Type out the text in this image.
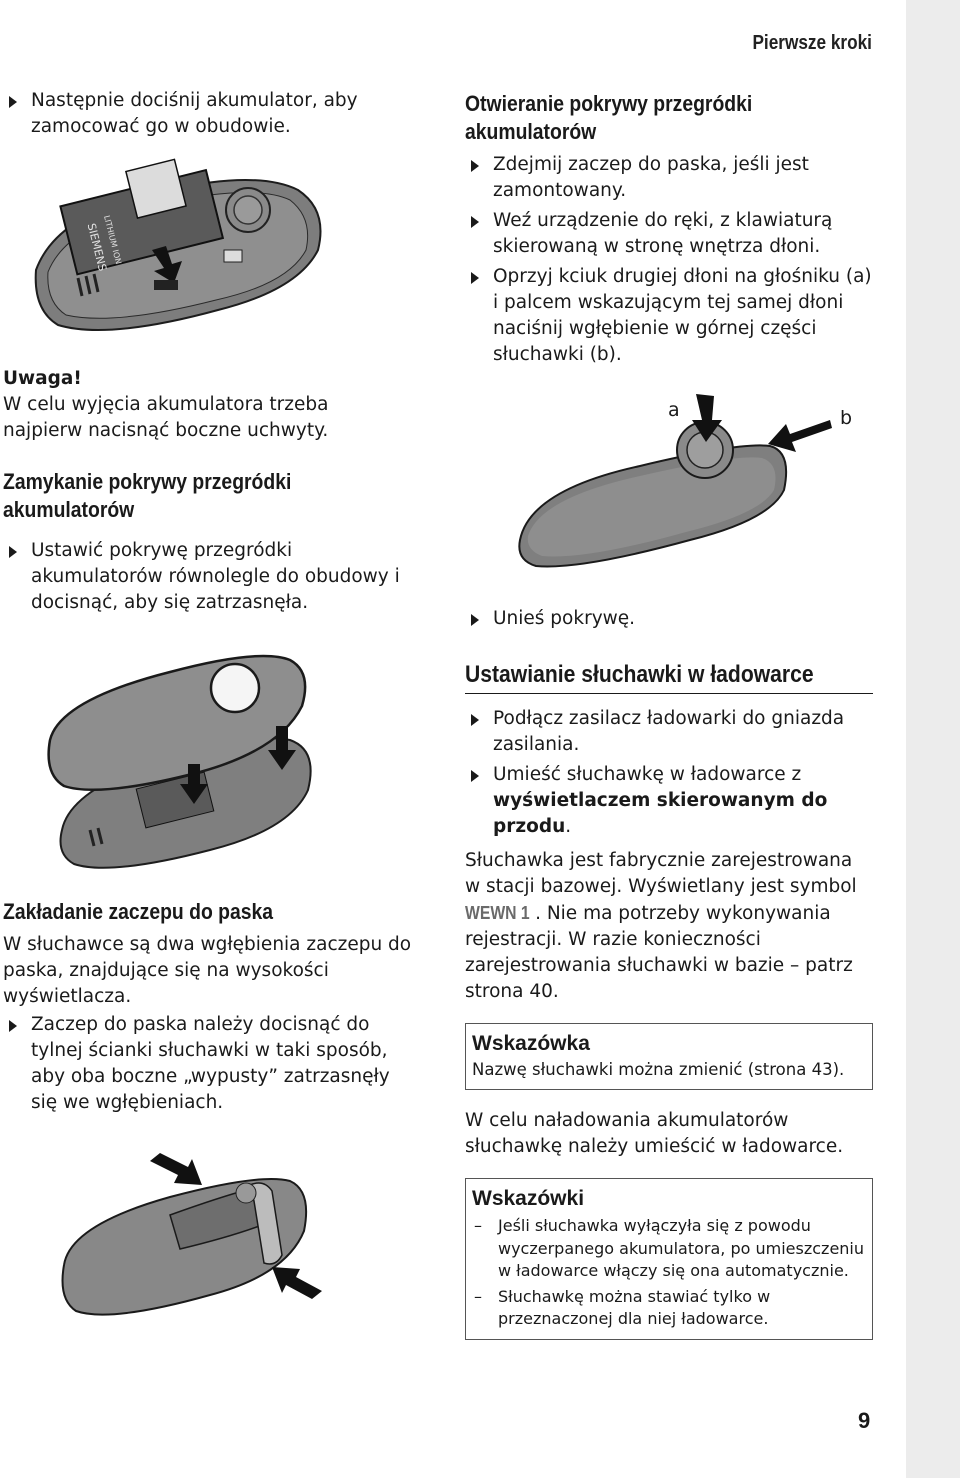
Pierwsze kroki
Następnie dociśnij akumulator, aby zamocować go w obudowie.
SIEMENS
LITHIUM ION
Uwaga!
W celu wyjęcia akumulatora trzeba najpierw nacisnąć boczne uchwyty.
Zamykanie pokrywy przegródki akumulatorów
Ustawić pokrywę przegródki akumulatorów równolegle do obudowy i docisnąć, aby się zatrzasnęła.
Zakładanie zaczepu do paska
W słuchawce są dwa wgłębienia zaczepu do paska, znajdujące się na wysokości wyświetlacza.
Zaczep do paska należy docisnąć do tylnej ścianki słuchawki w taki sposób, aby oba boczne „wypusty” zatrzasnęły się we wgłębieniach.
Otwieranie pokrywy przegródki akumulatorów
Zdejmij zaczep do paska, jeśli jest zamontowany.
Weź urządzenie do ręki, z klawiaturą skierowaną w stronę wnętrza dłoni.
Oprzyj kciuk drugiej dłoni na głośniku (a) i palcem wskazującym tej samej dłoni naciśnij wgłębienie w górnej części słuchawki (b).
a	b
Unieś pokrywę.
Ustawianie słuchawki w ładowarce
Podłącz zasilacz ładowarki do gniazda zasilania.
Umieść słuchawkę w ładowarce z wyświetlaczem skierowanym do przodu.
Słuchawka jest fabrycznie zarejestrowana w stacji bazowej. Wyświetlany jest symbol WEWN 1 . Nie ma potrzeby wykonywania rejestracji. W razie konieczności zarejestrowania słuchawki w bazie – patrz strona 40.
Wskazówka
Nazwę słuchawki można zmienić (strona 43).
W celu naładowania akumulatorów słuchawkę należy umieścić w ładowarce.
Wskazówki
– Jeśli słuchawka wyłączyła się z powodu wyczerpanego akumulatora, po umieszczeniu w ładowarce włączy się ona automatycznie.
– Słuchawkę można stawiać tylko w przeznaczonej dla niej ładowarce.
9
